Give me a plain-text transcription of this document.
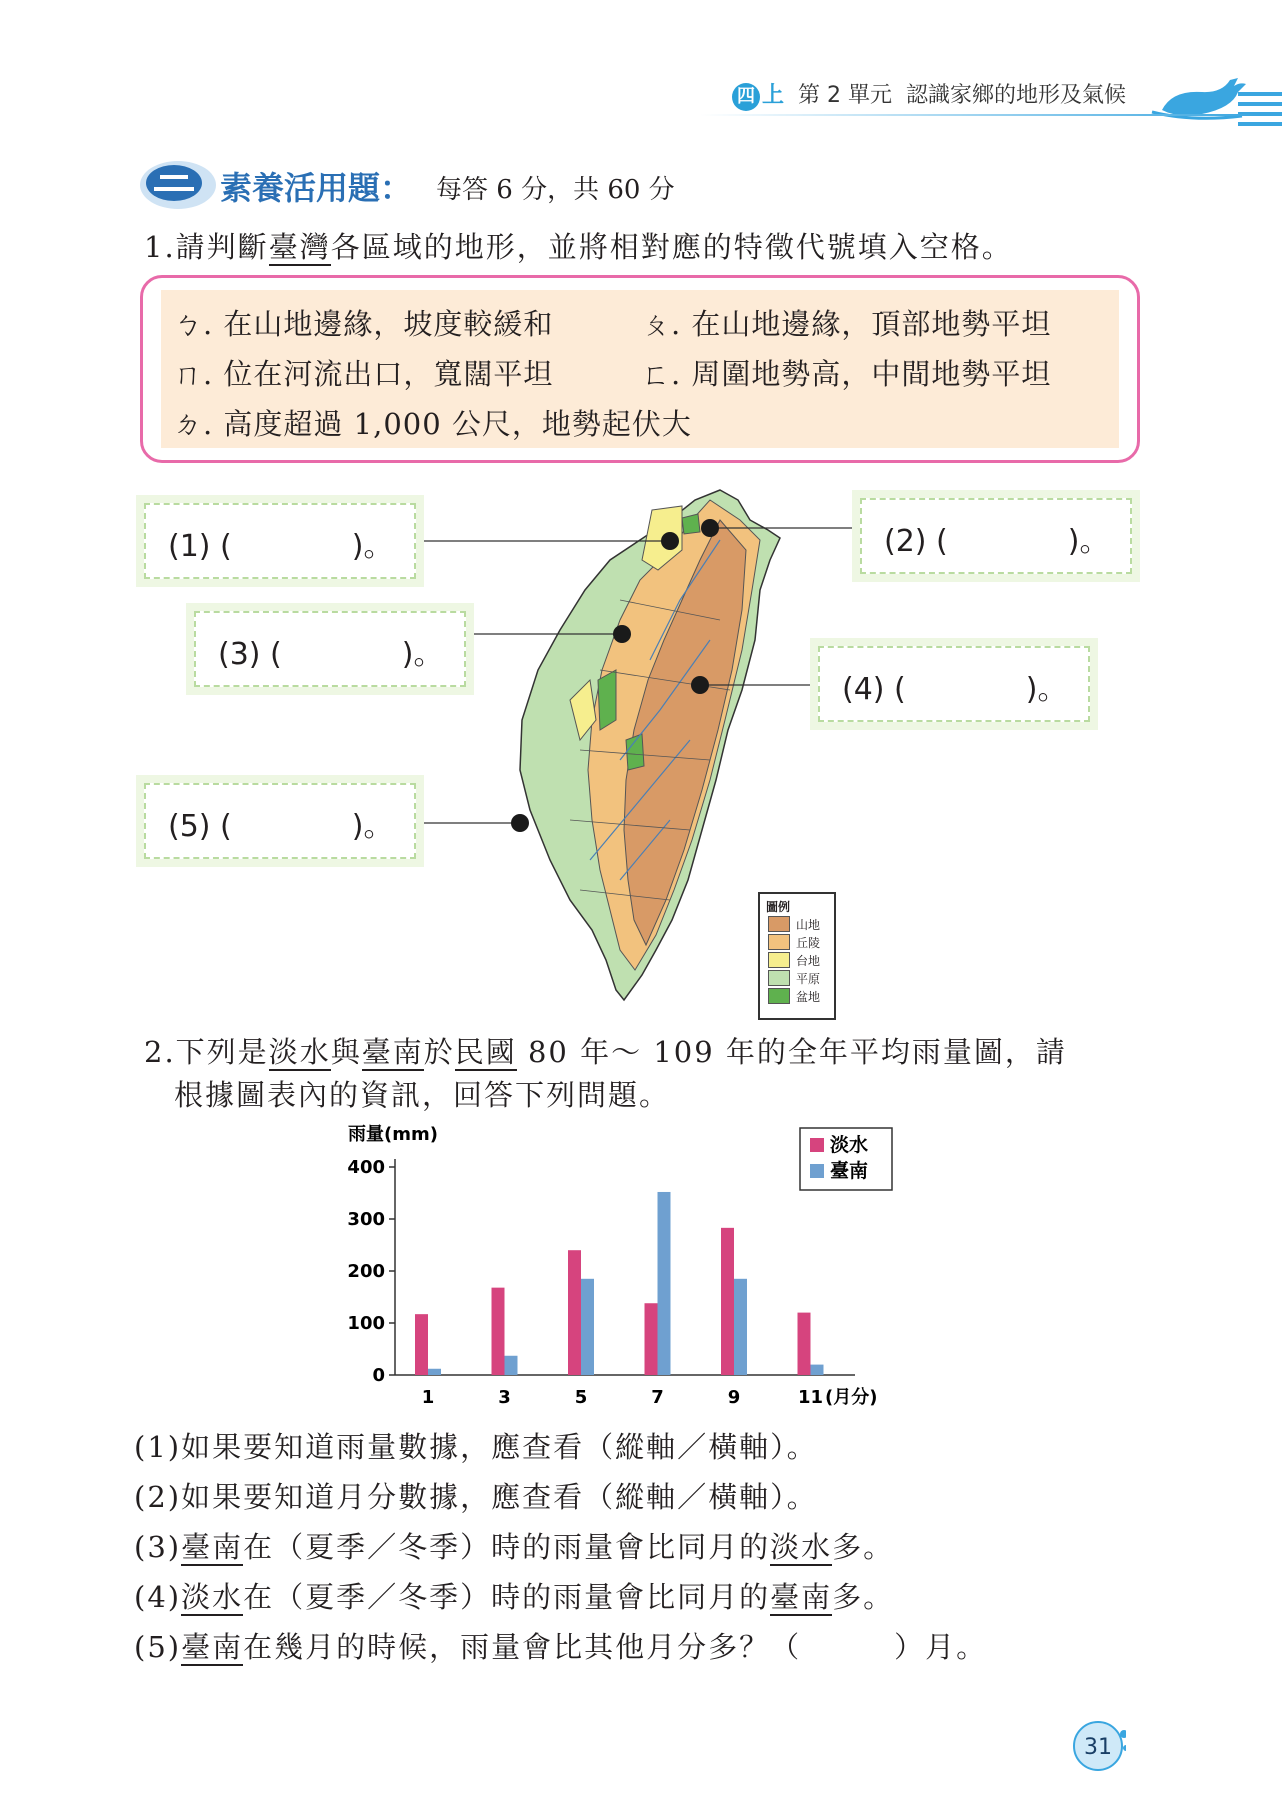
四 上 第 2 單元 認識家鄉的地形及氣候
素養活用題： 每答 6 分，共 60 分
1.請判斷臺灣各區域的地形，並將相對應的特徵代號填入空格。
ㄅ. 在山地邊緣，坡度較緩和	ㄆ. 在山地邊緣，頂部地勢平坦
ㄇ. 位在河流出口，寬闊平坦	ㄈ. 周圍地勢高，中間地勢平坦
ㄉ. 高度超過 1,000 公尺，地勢起伏大
(1) (　　　　)。	(2) (　　　　)。
(3) (　　　　)。
(4) (　　　　)。
(5) (　　　　)。
圖例
山地
丘陵
台地
平原
盆地
2.下列是淡水與臺南於民國 80 年～ 109 年的全年平均雨量圖，請
根據圖表內的資訊，回答下列問題。
雨量(mm)
0
100
200
300
400
1	3	5	7	9	11 (月分)
淡水
臺南
(1)如果要知道雨量數據，應查看（縱軸／橫軸）。
(2)如果要知道月分數據，應查看（縱軸／橫軸）。
(3)臺南在（夏季／冬季）時的雨量會比同月的淡水多。
(4)淡水在（夏季／冬季）時的雨量會比同月的臺南多。
(5)臺南在幾月的時候，雨量會比其他月分多？（　　　）月。
31
